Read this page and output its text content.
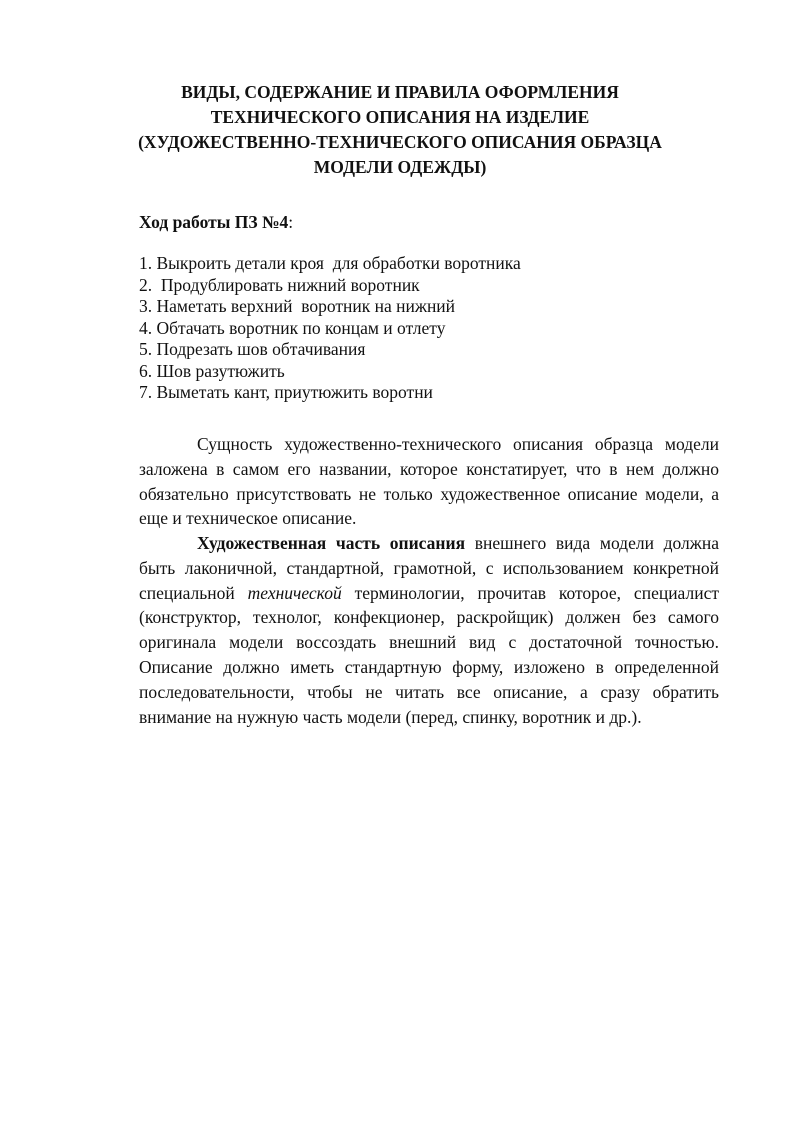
ВИДЫ, СОДЕРЖАНИЕ И ПРАВИЛА ОФОРМЛЕНИЯ
ТЕХНИЧЕСКОГО ОПИСАНИЯ НА ИЗДЕЛИЕ
(ХУДОЖЕСТВЕННО-ТЕХНИЧЕСКОГО ОПИСАНИЯ ОБРАЗЦА
МОДЕЛИ ОДЕЖДЫ)
Ход работы ПЗ №4:
1. Выкроить детали кроя  для обработки воротника
2.  Продублировать нижний воротник
3. Наметать верхний  воротник на нижний
4. Обтачать воротник по концам и отлету
5. Подрезать шов обтачивания
6. Шов разутюжить
7. Выметать кант, приутюжить воротни

Сущность художественно-технического описания образца модели заложена в самом его названии, которое констатирует, что в нем должно обязательно присутствовать не только художественное описание модели, а еще и техническое описание.

Художественная часть описания внешнего вида модели должна быть лаконичной, стандартной, грамотной, с использованием конкретной специальной технической терминологии, прочитав которое, специалист (конструктор, технолог, конфекционер, раскройщик) должен без самого оригинала модели воссоздать внешний вид с достаточной точностью. Описание должно иметь стандартную форму, изложено в определенной последовательности, чтобы не читать все описание, а сразу обратить внимание на нужную часть модели (перед, спинку, воротник и др.).
